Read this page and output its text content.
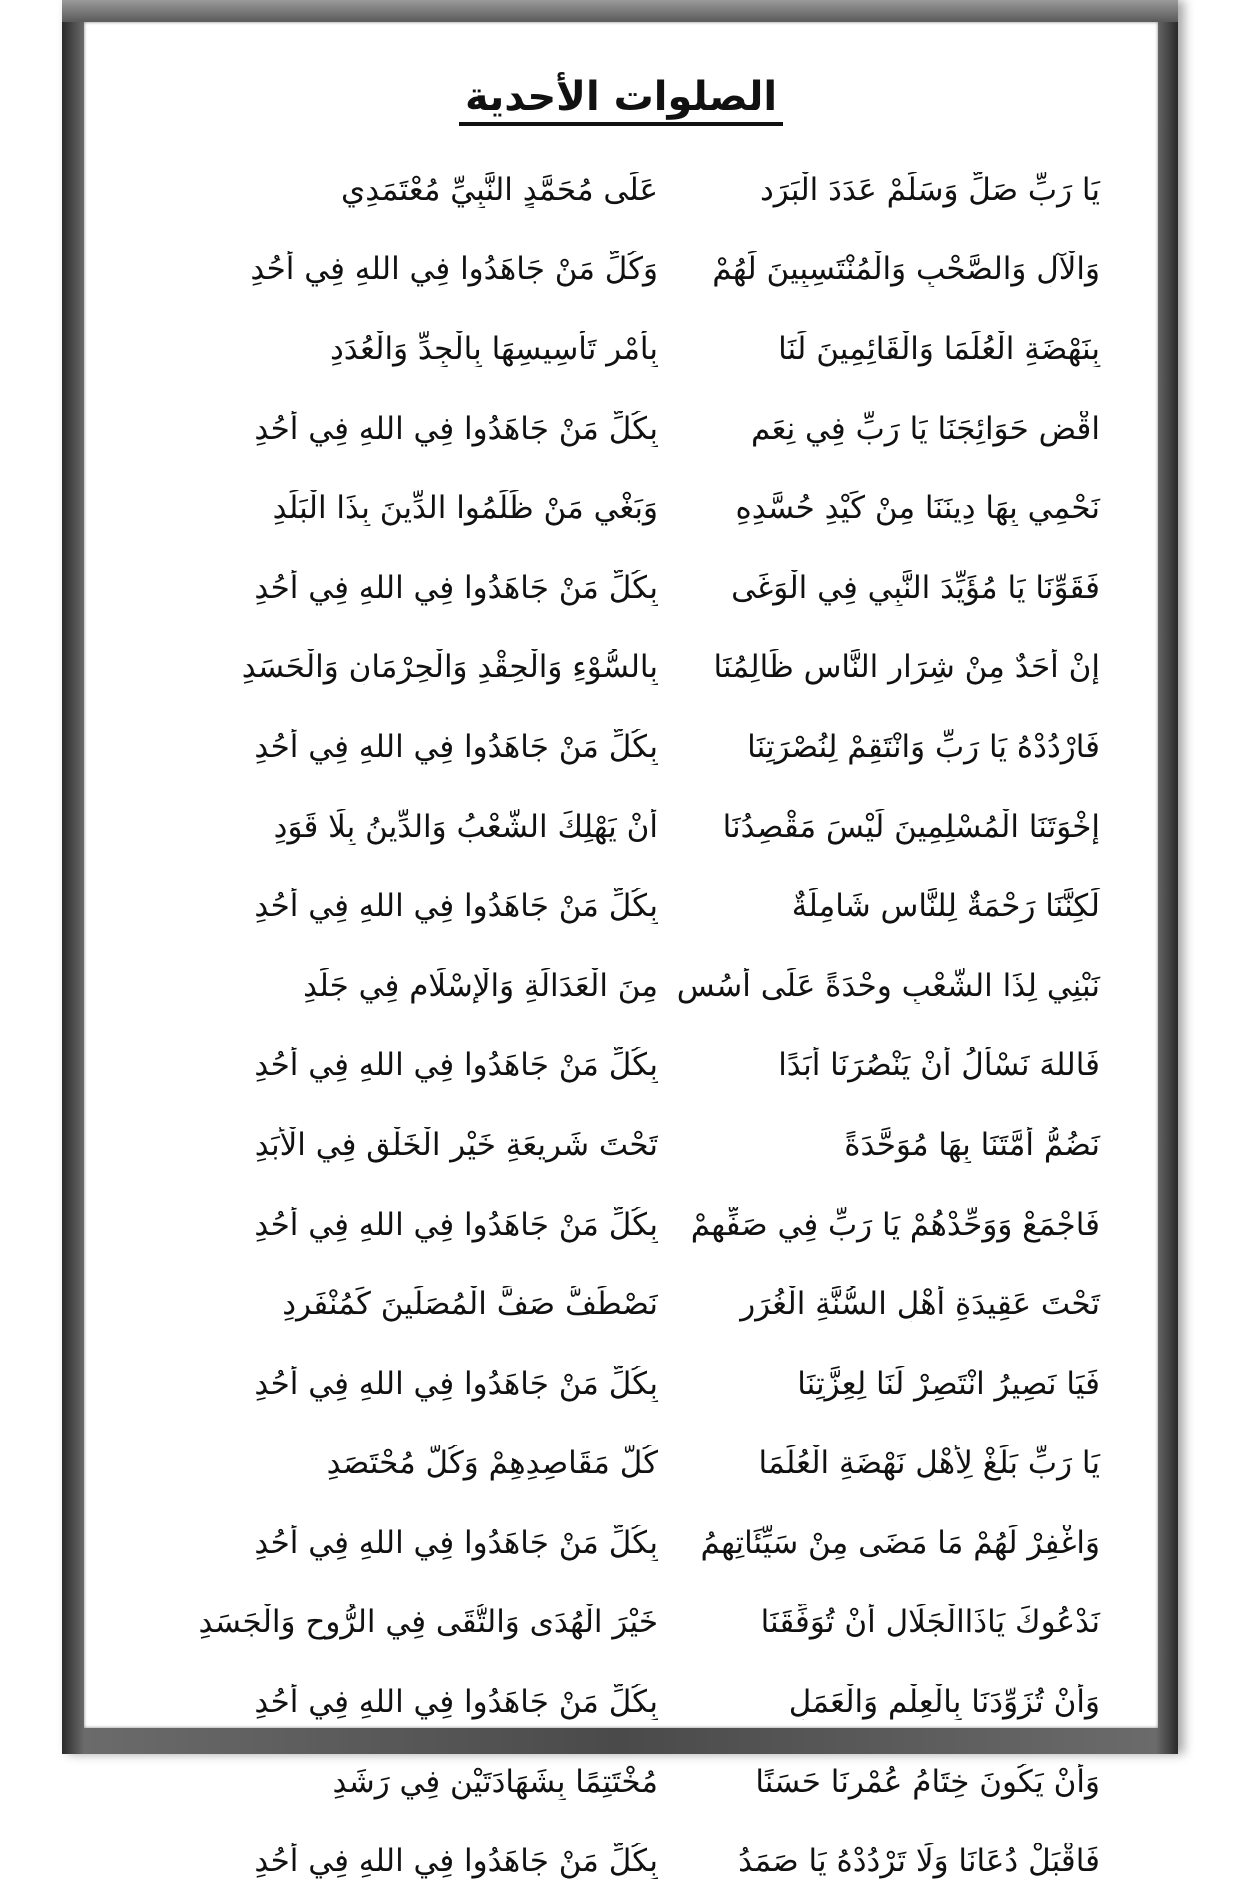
الصلوات الأحدية
يَا رَبِّ صَلِّ وَسَلِّمْ عَدَدَ الْبَرَد
عَلَى مُحَمَّدٍ النَّبِيِّ مُعْتَمَدِي
وَالْآلِ وَالصَّحْبِ وَالْمُنْتَسِبِينَ لَهُمْ
وَكُلِّ مَنْ جَاهَدُوا فِي اللهِ فِي أُحُدِ
بِنَهْضَةِ الْعُلَمَا وَالْقَائِمِينَ لَنَا
بِأَمْرِ تَأْسِيسِهَا بِالْجِدِّ وَالْعُدَدِ
اقْضِ حَوَائِجَنَا يَا رَبِّ فِي نِعَمٍ
بِكُلِّ مَنْ جَاهَدُوا فِي اللهِ فِي أُحُدِ
نَحْمِي بِهَا دِينَنَا مِنْ كَيْدِ حُسَّدِهِ
وَبَغْيِ مَنْ ظَلَمُوا الدِّينَ بِذَا الْبَلَدِ
فَقَوِّنَا يَا مُؤَيِّدَ النَّبِي فِي الْوَغَى
بِكُلِّ مَنْ جَاهَدُوا فِي اللهِ فِي أُحُدِ
إِنْ أَحَدٌ مِنْ شِرَارِ النَّاسِ ظَالِمُنَا
بِالسُّوْءِ وَالْحِقْدِ وَالْحِرْمَانِ وَالْحَسَدِ
فَارْدُدْهُ يَا رَبِّ وَانْتَقِمْ لِنُصْرَتِنَا
بِكُلِّ مَنْ جَاهَدُوا فِي اللهِ فِي أُحُدِ
إِخْوَتَنَا الْمُسْلِمِينَ لَيْسَ مَقْصِدُنَا
أَنْ يَهْلِكَ الشَّعْبُ وَالدِّينُ بِلَا قَوَدِ
لَكِنَّنَا رَحْمَةٌ لِلنَّاسِ شَامِلَةٌ
بِكُلِّ مَنْ جَاهَدُوا فِي اللهِ فِي أُحُدِ
نَبْنِي لِذَا الشَّعْبِ وِحْدَةً عَلَى أُسُسٍ
مِنَ الْعَدَالَةِ وَالْإِسْلَامِ فِي جَلَدِ
فَاللهَ نَسْأَلُ أَنْ يَنْصُرَنَا أَبَدًا
بِكُلِّ مَنْ جَاهَدُوا فِي اللهِ فِي أُحُدِ
نَضُمُّ أُمَّتَنَا بِهَا مُوَحَّدَةً
تَحْتَ شَرِيعَةِ خَيْرِ الْخَلْقِ فِي الْأَبَدِ
فَاجْمَعْ وَوَحِّدْهُمْ يَا رَبِّ فِي صَفِّهِمْ
بِكُلِّ مَنْ جَاهَدُوا فِي اللهِ فِي أُحُدِ
تَحْتَ عَقِيدَةِ أَهْلِ السُّنَّةِ الْغُرَرِ
نَصْطَفُّ صَفَّ الْمُصَلِّينَ كَمُنْفَرِدِ
فَيَا نَصِيرُ انْتَصِرْ لَنَا لِعِزَّتِنَا
بِكُلِّ مَنْ جَاهَدُوا فِي اللهِ فِي أُحُدِ
يَا رَبِّ بَلِّغْ لِأَهْلِ نَهْضَةِ الْعُلَمَا
كُلَّ مَقَاصِدِهِمْ وَكُلَّ مُحْتَصَدِ
وَاغْفِرْ لَهُمْ مَا مَضَى مِنْ سَيِّئَاتِهِمُ
بِكُلِّ مَنْ جَاهَدُوا فِي اللهِ فِي أُحُدِ
نَدْعُوكَ يَاذَاالْجَلَالِ أَنْ تُوَفِّقَنَا
خَيْرَ الْهُدَى وَالتُّقَى فِي الرُّوحِ وَالْجَسَدِ
وَأَنْ تُزَوِّدَنَا بِالْعِلْمِ وَالْعَمَلِ
بِكُلِّ مَنْ جَاهَدُوا فِي اللهِ فِي أُحُدِ
وَأَنْ يَكُونَ خِتَامُ عُمْرِنَا حَسَنًا
مُخْتَتِمًا بِشَهَادَتَيْنِ فِي رَشَدِ
فَاقْبَلْ دُعَانَا وَلَا تَرْدُدْهُ يَا صَمَدُ
بِكُلِّ مَنْ جَاهَدُوا فِي اللهِ فِي أُحُدِ
